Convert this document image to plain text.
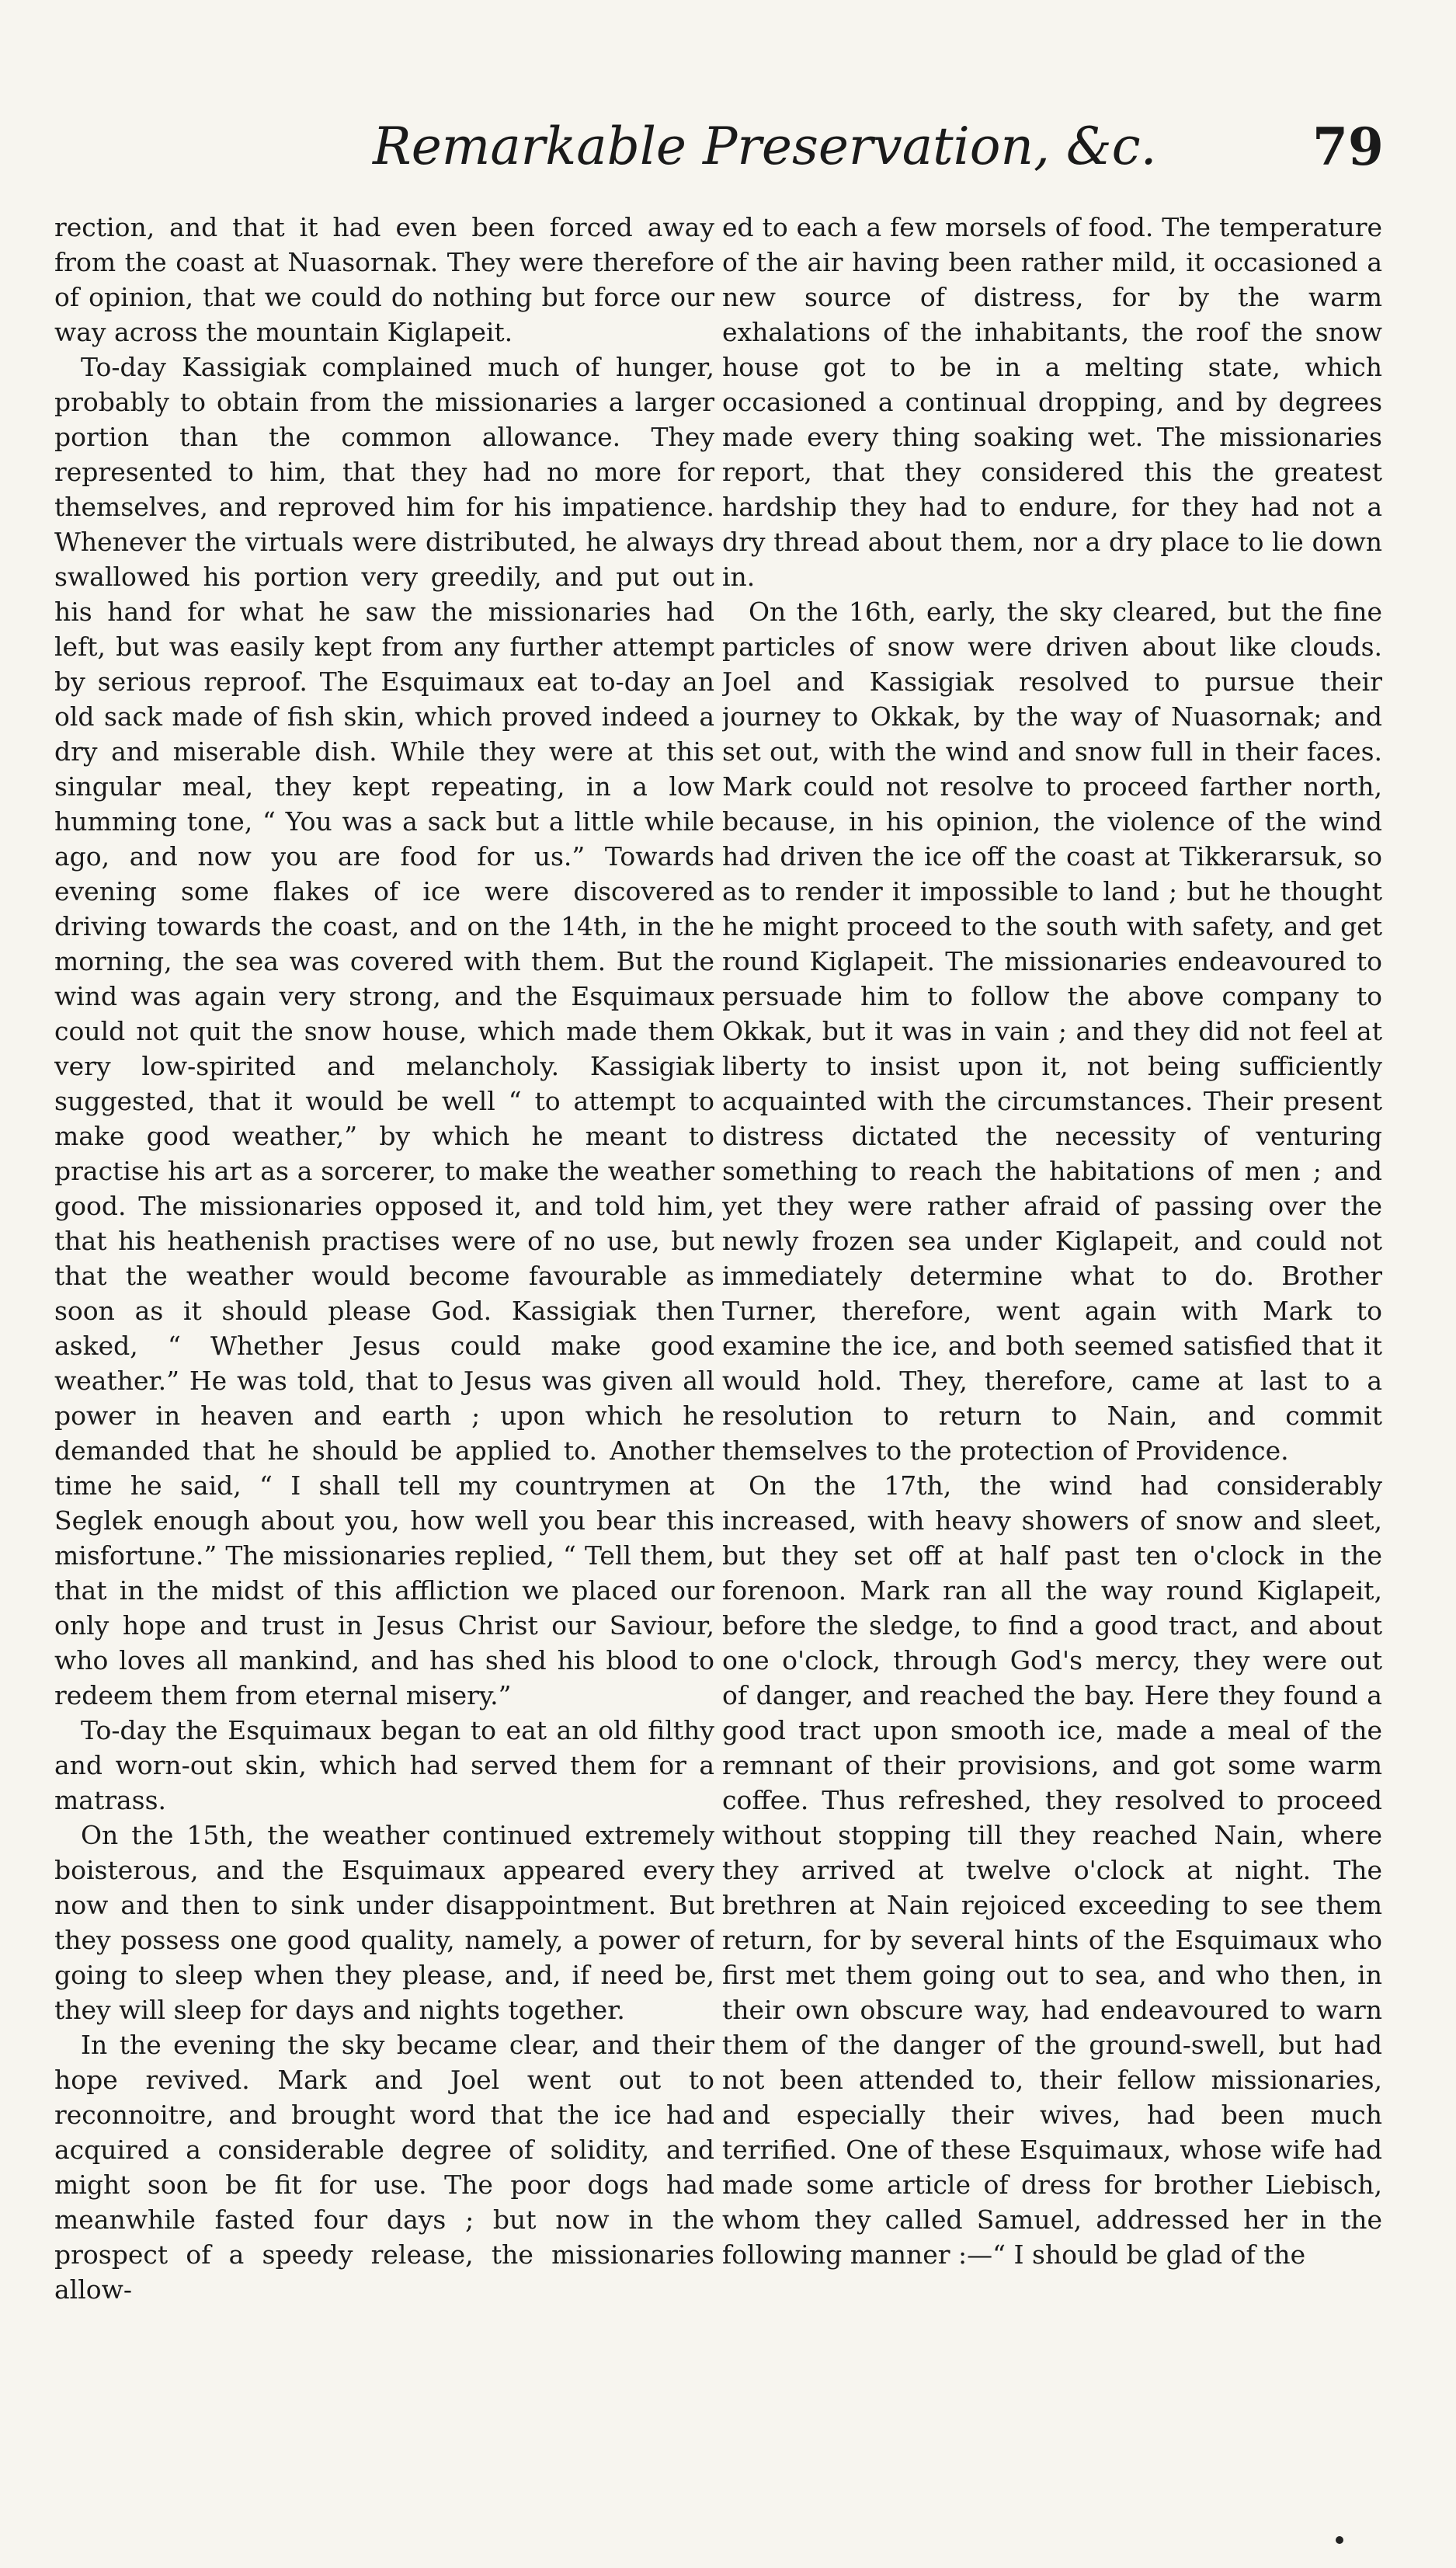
Remarkable Preservation, &c.	79

rection, and that it had even been forced away from the coast at Nuasornak. They were therefore of opinion, that we could do nothing but force our way across the mountain Kiglapeit.

To-day Kassigiak complained much of hunger, probably to obtain from the missionaries a larger portion than the common allowance. They represented to him, that they had no more for themselves, and reproved him for his impatience. Whenever the virtuals were distributed, he always swallowed his portion very greedily, and put out his hand for what he saw the missionaries had left, but was easily kept from any further attempt by serious reproof. The Esquimaux eat to-day an old sack made of fish skin, which proved indeed a dry and miserable dish. While they were at this singular meal, they kept repeating, in a low humming tone, “ You was a sack but a little while ago, and now you are food for us.” Towards evening some flakes of ice were discovered driving towards the coast, and on the 14th, in the morning, the sea was covered with them. But the wind was again very strong, and the Esquimaux could not quit the snow house, which made them very low-spirited and melancholy. Kassigiak suggested, that it would be well “ to attempt to make good weather,” by which he meant to practise his art as a sorcerer, to make the weather good. The missionaries opposed it, and told him, that his heathenish practises were of no use, but that the weather would become favourable as soon as it should please God. Kassigiak then asked, “ Whether Jesus could make good weather.” He was told, that to Jesus was given all power in heaven and earth ; upon which he demanded that he should be applied to. Another time he said, “ I shall tell my countrymen at Seglek enough about you, how well you bear this misfortune.” The missionaries replied, “ Tell them, that in the midst of this affliction we placed our only hope and trust in Jesus Christ our Saviour, who loves all mankind, and has shed his blood to redeem them from eternal misery.”

To-day the Esquimaux began to eat an old filthy and worn-out skin, which had served them for a matrass.

On the 15th, the weather continued extremely boisterous, and the Esquimaux appeared every now and then to sink under disappointment. But they possess one good quality, namely, a power of going to sleep when they please, and, if need be, they will sleep for days and nights together.

In the evening the sky became clear, and their hope revived. Mark and Joel went out to reconnoitre, and brought word that the ice had acquired a considerable degree of solidity, and might soon be fit for use. The poor dogs had meanwhile fasted four days ; but now in the prospect of a speedy release, the missionaries allow-

ed to each a few morsels of food. The temperature of the air having been rather mild, it occasioned a new source of distress, for by the warm exhalations of the inhabitants, the roof the snow house got to be in a melting state, which occasioned a continual dropping, and by degrees made every thing soaking wet. The missionaries report, that they considered this the greatest hardship they had to endure, for they had not a dry thread about them, nor a dry place to lie down in.

On the 16th, early, the sky cleared, but the fine particles of snow were driven about like clouds. Joel and Kassigiak resolved to pursue their journey to Okkak, by the way of Nuasornak; and set out, with the wind and snow full in their faces. Mark could not resolve to proceed farther north, because, in his opinion, the violence of the wind had driven the ice off the coast at Tikkerarsuk, so as to render it impossible to land ; but he thought he might proceed to the south with safety, and get round Kiglapeit. The missionaries endeavoured to persuade him to follow the above company to Okkak, but it was in vain ; and they did not feel at liberty to insist upon it, not being sufficiently acquainted with the circumstances. Their present distress dictated the necessity of venturing something to reach the habitations of men ; and yet they were rather afraid of passing over the newly frozen sea under Kiglapeit, and could not immediately determine what to do. Brother Turner, therefore, went again with Mark to examine the ice, and both seemed satisfied that it would hold. They, therefore, came at last to a resolution to return to Nain, and commit themselves to the protection of Providence.

On the 17th, the wind had considerably increased, with heavy showers of snow and sleet, but they set off at half past ten o'clock in the forenoon. Mark ran all the way round Kiglapeit, before the sledge, to find a good tract, and about one o'clock, through God's mercy, they were out of danger, and reached the bay. Here they found a good tract upon smooth ice, made a meal of the remnant of their provisions, and got some warm coffee. Thus refreshed, they resolved to proceed without stopping till they reached Nain, where they arrived at twelve o'clock at night. The brethren at Nain rejoiced exceeding to see them return, for by several hints of the Esquimaux who first met them going out to sea, and who then, in their own obscure way, had endeavoured to warn them of the danger of the ground-swell, but had not been attended to, their fellow missionaries, and especially their wives, had been much terrified. One of these Esquimaux, whose wife had made some article of dress for brother Liebisch, whom they called Samuel, addressed her in the following manner :—“ I should be glad of the
